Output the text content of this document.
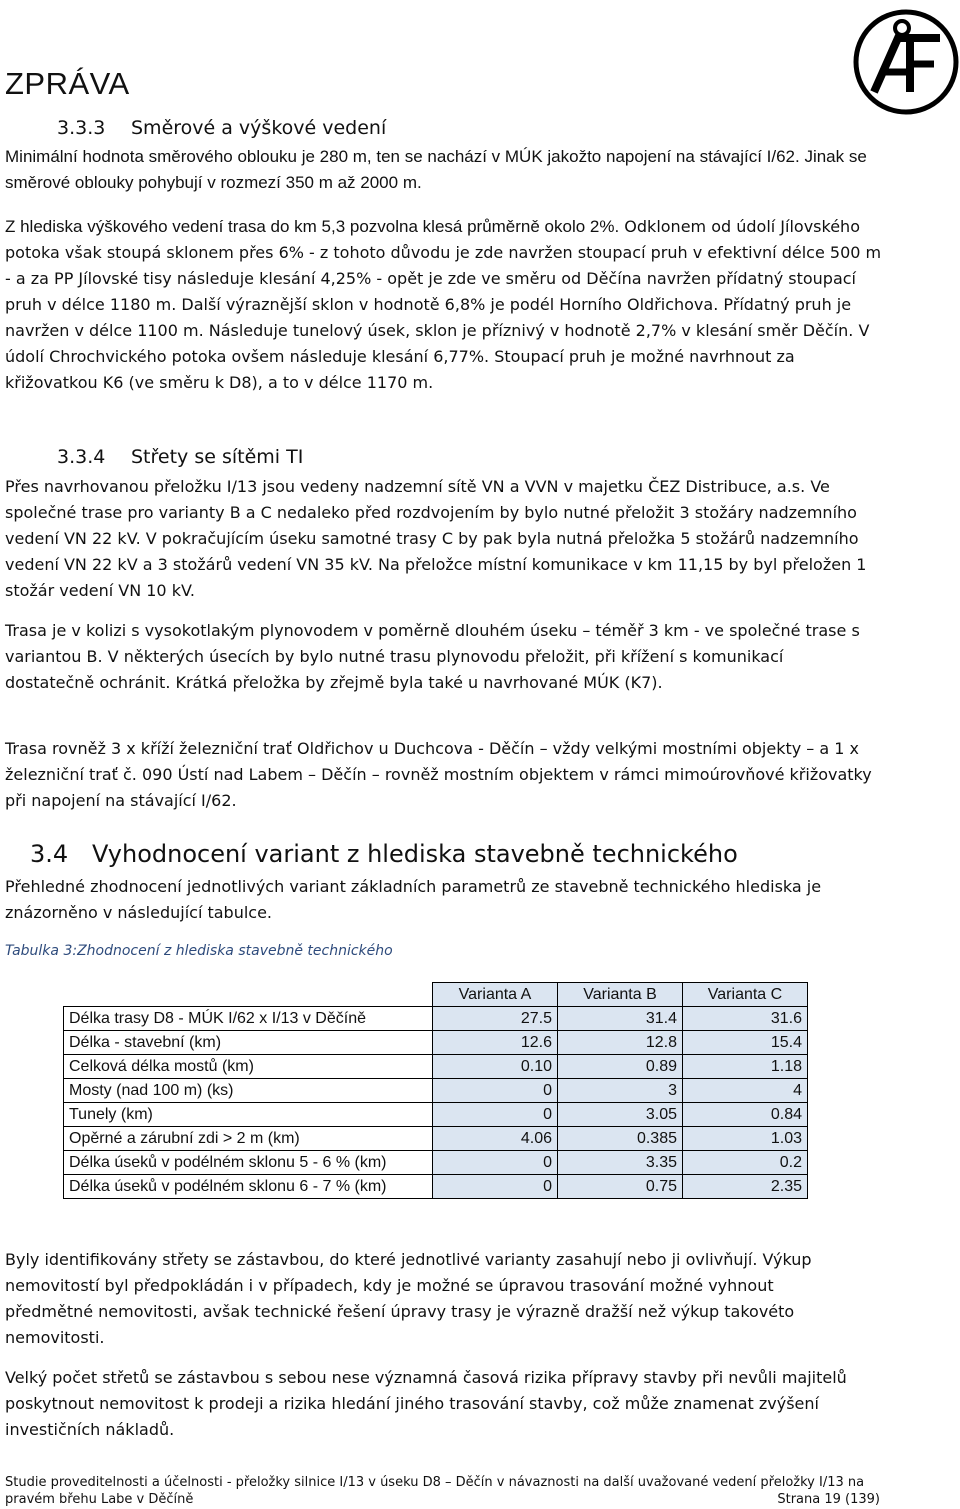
ZPRÁVA
3.3.3 Směrové a výškové vedení
Minimální hodnota směrového oblouku je 280 m, ten se nachází v MÚK jakožto napojení na stávající I/62. Jinak se směrové oblouky pohybují v rozmezí 350 m až 2000 m.
Z hlediska výškového vedení trasa do km 5,3 pozvolna klesá průměrně okolo 2%. Odklonem od údolí Jílovského potoka však stoupá sklonem přes 6% - z tohoto důvodu je zde navržen stoupací pruh v efektivní délce 500 m - a za PP Jílovské tisy následuje klesání 4,25% - opět je zde ve směru od Děčína navržen přídatný stoupací pruh v délce 1180 m. Další výraznější sklon v hodnotě 6,8% je podél Horního Oldřichova. Přídatný pruh je navržen v délce 1100 m. Následuje tunelový úsek, sklon je příznivý v hodnotě 2,7% v klesání směr Děčín. V údolí Chrochvického potoka ovšem následuje klesání 6,77%. Stoupací pruh je možné navrhnout za křižovatkou K6 (ve směru k D8), a to v délce 1170 m.
3.3.4 Střety se sítěmi TI
Přes navrhovanou přeložku I/13 jsou vedeny nadzemní sítě VN a VVN v majetku ČEZ Distribuce, a.s. Ve společné trase pro varianty B a C nedaleko před rozdvojením by bylo nutné přeložit 3 stožáry nadzemního vedení VN 22 kV. V pokračujícím úseku samotné trasy C by pak byla nutná přeložka 5 stožárů nadzemního vedení VN 22 kV a 3 stožárů vedení VN 35 kV. Na přeložce místní komunikace v km 11,15 by byl přeložen 1 stožár vedení VN 10 kV.
Trasa je v kolizi s vysokotlakým plynovodem v poměrně dlouhém úseku – téměř 3 km - ve společné trase s variantou B. V některých úsecích by bylo nutné trasu plynovodu přeložit, při křížení s komunikací dostatečně ochránit. Krátká přeložka by zřejmě byla také u navrhované MÚK (K7).
Trasa rovněž 3 x kříží železniční trať Oldřichov u Duchcova - Děčín – vždy velkými mostními objekty – a 1 x železniční trať č. 090 Ústí nad Labem – Děčín – rovněž mostním objektem v rámci mimoúrovňové křižovatky při napojení na stávající I/62.
3.4 Vyhodnocení variant z hlediska stavebně technického
Přehledné zhodnocení jednotlivých variant základních parametrů ze stavebně technického hlediska je znázorněno v následující tabulce.
Tabulka 3:Zhodnocení z hlediska stavebně technického
	Varianta A	Varianta B	Varianta C
Délka trasy D8 - MÚK I/62 x I/13 v Děčíně	27.5	31.4	31.6
Délka - stavební (km)	12.6	12.8	15.4
Celková délka mostů (km)	0.10	0.89	1.18
Mosty (nad 100 m) (ks)	0	3	4
Tunely (km)	0	3.05	0.84
Opěrné a zárubní zdi > 2 m (km)	4.06	0.385	1.03
Délka úseků v podélném sklonu 5 - 6 % (km)	0	3.35	0.2
Délka úseků v podélném sklonu 6 - 7 % (km)	0	0.75	2.35
Byly identifikovány střety se zástavbou, do které jednotlivé varianty zasahují nebo ji ovlivňují. Výkup nemovitostí byl předpokládán i v případech, kdy je možné se úpravou trasování možné vyhnout předmětné nemovitosti, avšak technické řešení úpravy trasy je výrazně dražší než výkup takovéto nemovitosti.
Velký počet střetů se zástavbou s sebou nese významná časová rizika přípravy stavby při nevůli majitelů poskytnout nemovitost k prodeji a rizika hledání jiného trasování stavby, což může znamenat zvýšení investičních nákladů.
Studie proveditelnosti a účelnosti - přeložky silnice I/13 v úseku D8 – Děčín v návaznosti na další uvažované vedení přeložky I/13 na pravém břehu Labe v Děčíně	Strana 19 (139)
